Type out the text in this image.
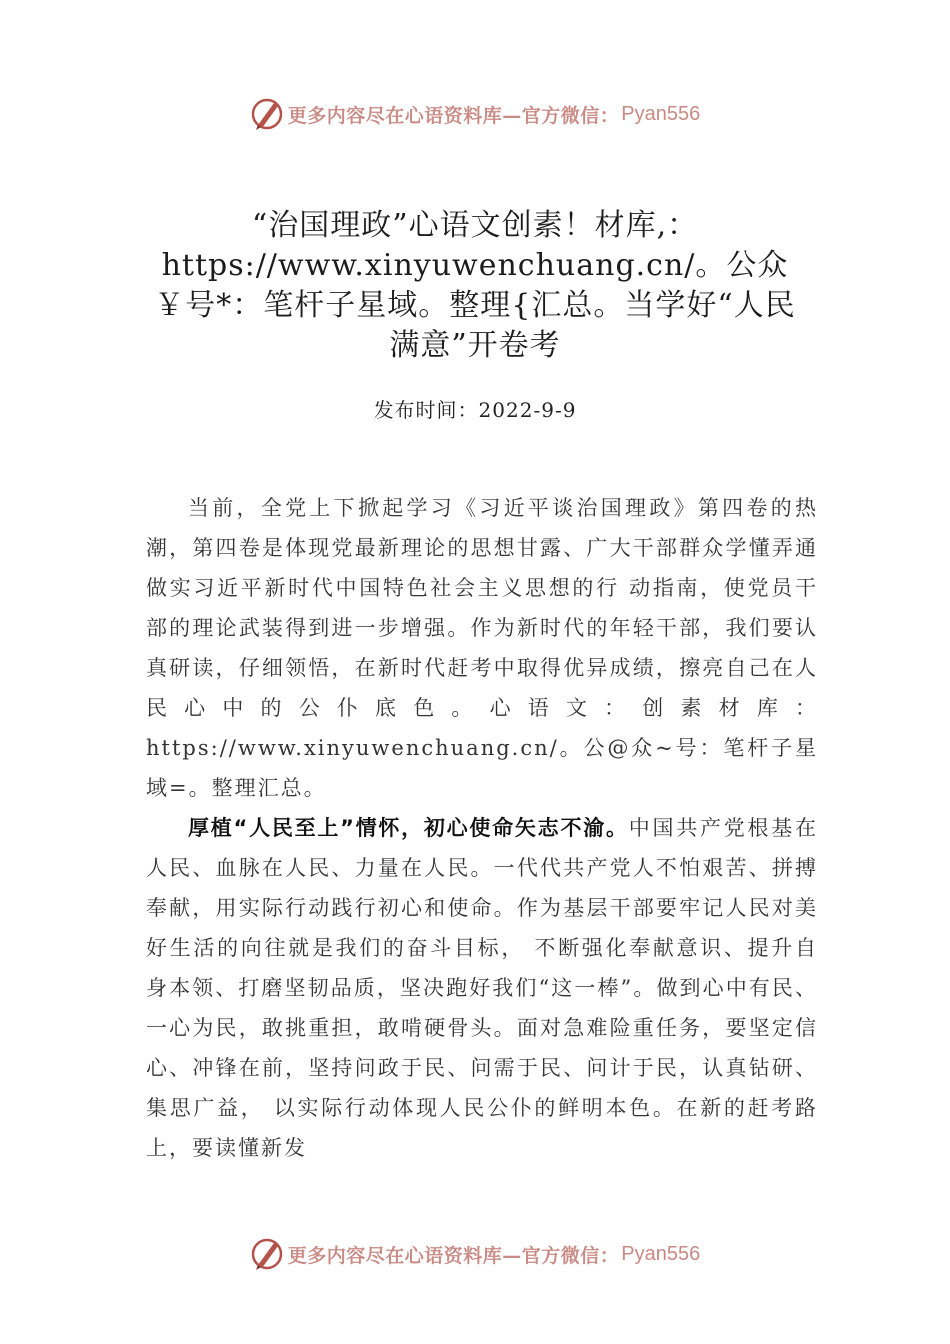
更多内容尽在心语资料库—官方微信： Pyan556
“治国理政”心语文创素！材库,：https://www.xinyuwenchuang.cn/。公众￥号*：笔杆子星域。整理{汇总。当学好“人民满意”开卷考
发布时间：2022-9-9

当前，全党上下掀起学习《习近平谈治国理政》第四卷的热潮，第四卷是体现党最新理论的思想甘露、广大干部群众学懂弄通做实习近平新时代中国特色社会主义思想的行 动指南，使党员干部的理论武装得到进一步增强。作为新时代的年轻干部，我们要认真研读，仔细领悟，在新时代赶考中取得优异成绩，擦亮自己在人民心中的公仆底色。心语文：创素材库：https://www.xinyuwenchuang.cn/。公@众~号：笔杆子星域=。整理汇总。

厚植“人民至上”情怀，初心使命矢志不渝。中国共产党根基在人民、血脉在人民、力量在人民。一代代共产党人不怕艰苦、拼搏奉献，用实际行动践行初心和使命。作为基层干部要牢记人民对美好生活的向往就是我们的奋斗目标， 不断强化奉献意识、提升自身本领、打磨坚韧品质，坚决跑好我们“这一棒”。做到心中有民、一心为民，敢挑重担，敢啃硬骨头。面对急难险重任务，要坚定信心、冲锋在前，坚持问政于民、问需于民、问计于民，认真钻研、集思广益， 以实际行动体现人民公仆的鲜明本色。在新的赶考路上，要读懂新发

更多内容尽在心语资料库—官方微信： Pyan556
